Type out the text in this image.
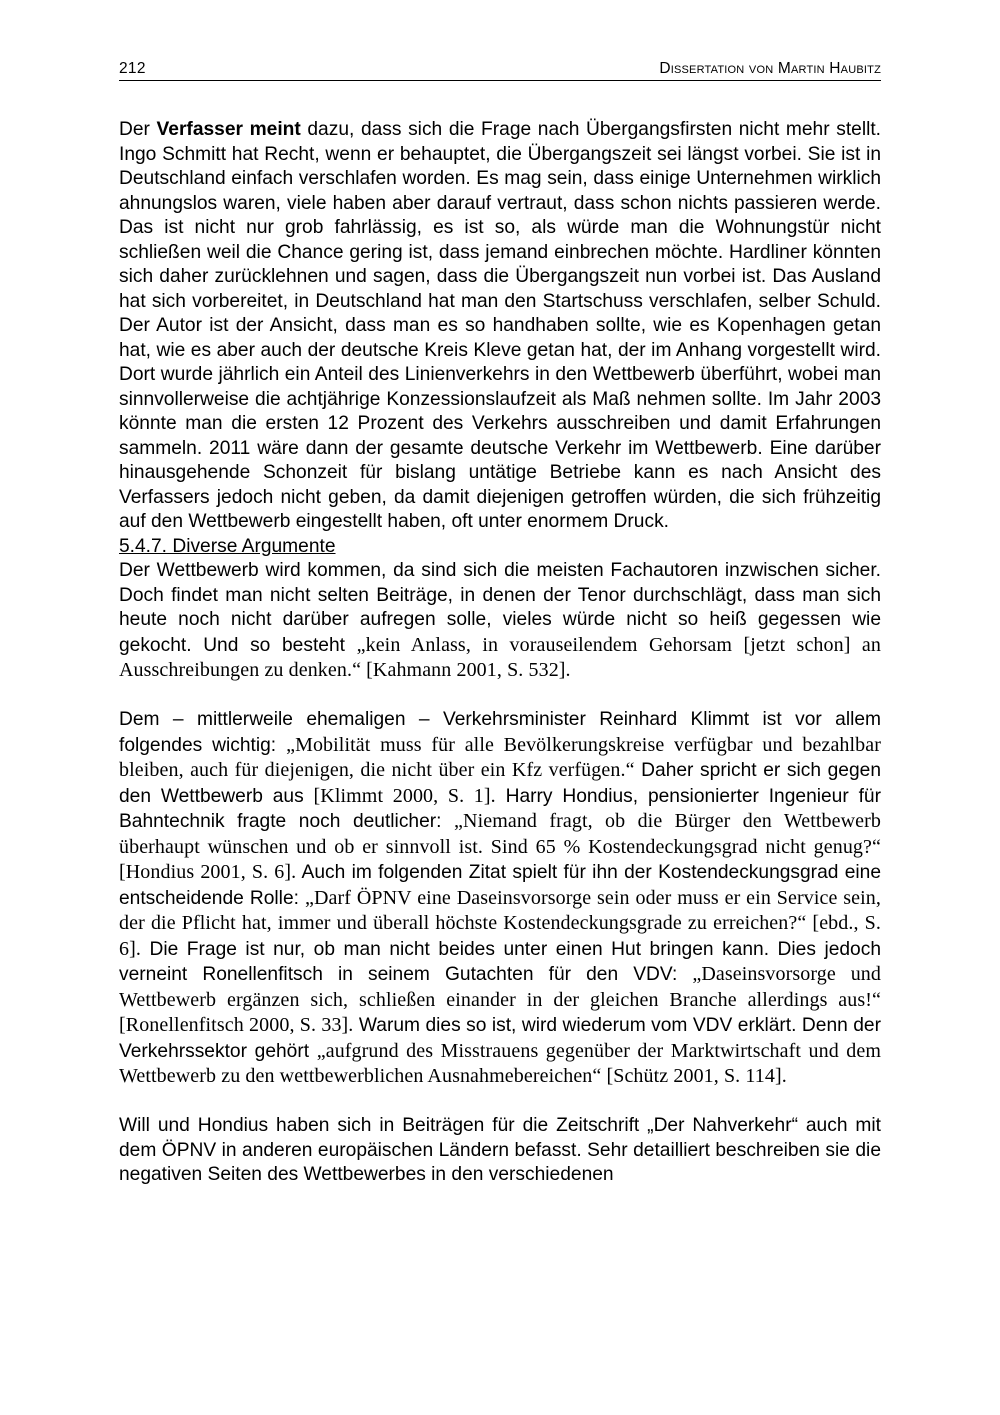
212	Dissertation von Martin Haubitz

Der Verfasser meint dazu, dass sich die Frage nach Übergangsfirsten nicht mehr stellt. Ingo Schmitt hat Recht, wenn er behauptet, die Übergangszeit sei längst vorbei. Sie ist in Deutschland einfach verschlafen worden. Es mag sein, dass einige Unternehmen wirklich ahnungslos waren, viele haben aber darauf vertraut, dass schon nichts passieren werde. Das ist nicht nur grob fahrlässig, es ist so, als würde man die Wohnungstür nicht schließen weil die Chance gering ist, dass jemand einbrechen möchte. Hardliner könnten sich daher zurücklehnen und sagen, dass die Übergangszeit nun vorbei ist. Das Ausland hat sich vorbereitet, in Deutschland hat man den Startschuss verschlafen, selber Schuld. Der Autor ist der Ansicht, dass man es so handhaben sollte, wie es Kopenhagen getan hat, wie es aber auch der deutsche Kreis Kleve getan hat, der im Anhang vorgestellt wird. Dort wurde jährlich ein Anteil des Linienverkehrs in den Wettbewerb überführt, wobei man sinnvollerweise die achtjährige Konzessionslaufzeit als Maß nehmen sollte. Im Jahr 2003 könnte man die ersten 12 Prozent des Verkehrs ausschreiben und damit Erfahrungen sammeln. 2011 wäre dann der gesamte deutsche Verkehr im Wettbewerb. Eine darüber hinausgehende Schonzeit für bislang untätige Betriebe kann es nach Ansicht des Verfassers jedoch nicht geben, da damit diejenigen getroffen würden, die sich frühzeitig auf den Wettbewerb eingestellt haben, oft unter enormem Druck.

5.4.7. Diverse Argumente

Der Wettbewerb wird kommen, da sind sich die meisten Fachautoren inzwischen sicher. Doch findet man nicht selten Beiträge, in denen der Tenor durchschlägt, dass man sich heute noch nicht darüber aufregen solle, vieles würde nicht so heiß gegessen wie gekocht. Und so besteht „kein Anlass, in vorauseilendem Gehorsam [jetzt schon] an Ausschreibungen zu denken.“ [Kahmann 2001, S. 532].

Dem – mittlerweile ehemaligen – Verkehrsminister Reinhard Klimmt ist vor allem folgendes wichtig: „Mobilität muss für alle Bevölkerungskreise verfügbar und bezahlbar bleiben, auch für diejenigen, die nicht über ein Kfz verfügen.“ Daher spricht er sich gegen den Wettbewerb aus [Klimmt 2000, S. 1]. Harry Hondius, pensionierter Ingenieur für Bahntechnik fragte noch deutlicher: „Niemand fragt, ob die Bürger den Wettbewerb überhaupt wünschen und ob er sinnvoll ist. Sind 65 % Kostendeckungsgrad nicht genug?“ [Hondius 2001, S. 6]. Auch im folgenden Zitat spielt für ihn der Kostendeckungsgrad eine entscheidende Rolle: „Darf ÖPNV eine Daseinsvorsorge sein oder muss er ein Service sein, der die Pflicht hat, immer und überall höchste Kostendeckungsgrade zu erreichen?“ [ebd., S. 6]. Die Frage ist nur, ob man nicht beides unter einen Hut bringen kann. Dies jedoch verneint Ronellenfitsch in seinem Gutachten für den VDV: „Daseinsvorsorge und Wettbewerb ergänzen sich, schließen einander in der gleichen Branche allerdings aus!“ [Ronellenfitsch 2000, S. 33]. Warum dies so ist, wird wiederum vom VDV erklärt. Denn der Verkehrssektor gehört „aufgrund des Misstrauens gegenüber der Marktwirtschaft und dem Wettbewerb zu den wettbewerblichen Ausnahmebereichen“ [Schütz 2001, S. 114].

Will und Hondius haben sich in Beiträgen für die Zeitschrift „Der Nahverkehr“ auch mit dem ÖPNV in anderen europäischen Ländern befasst. Sehr detailliert beschreiben sie die negativen Seiten des Wettbewerbes in den verschiedenen
